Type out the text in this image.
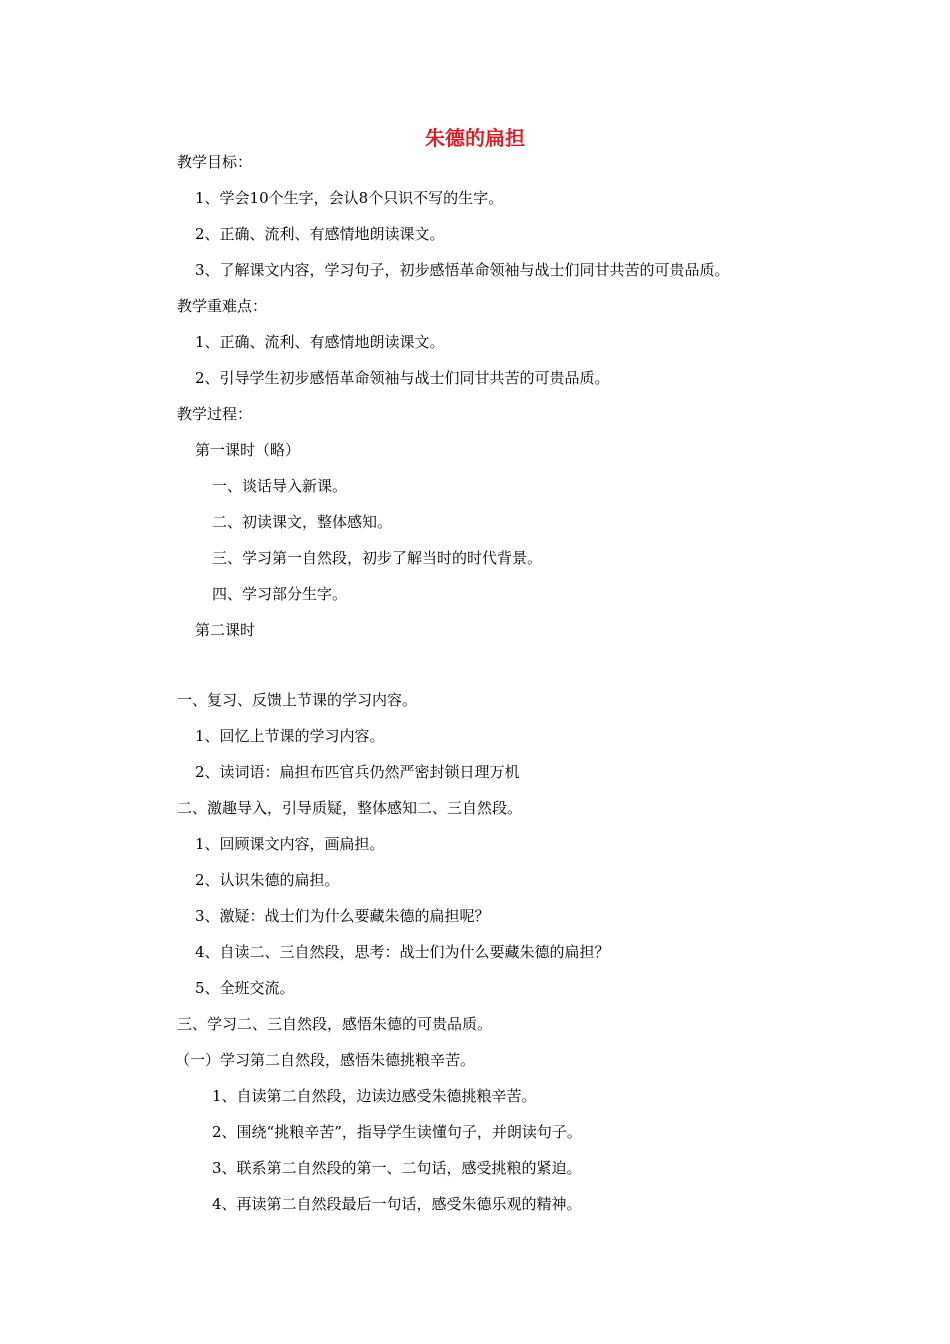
朱德的扁担
教学目标：
1、学会10个生字，会认8个只识不写的生字。
2、正确、流利、有感情地朗读课文。
3、了解课文内容，学习句子，初步感悟革命领袖与战士们同甘共苦的可贵品质。
教学重难点：
1、正确、流利、有感情地朗读课文。
2、引导学生初步感悟革命领袖与战士们同甘共苦的可贵品质。
教学过程：
第一课时（略）
一、谈话导入新课。
二、初读课文，整体感知。
三、学习第一自然段，初步了解当时的时代背景。
四、学习部分生字。
第二课时
一、复习、反馈上节课的学习内容。
1、回忆上节课的学习内容。
2、读词语：扁担布匹官兵仍然严密封锁日理万机
二、激趣导入，引导质疑，整体感知二、三自然段。
1、回顾课文内容，画扁担。
2、认识朱德的扁担。
3、激疑：战士们为什么要藏朱德的扁担呢？
4、自读二、三自然段，思考：战士们为什么要藏朱德的扁担？
5、全班交流。
三、学习二、三自然段，感悟朱德的可贵品质。
（一）学习第二自然段，感悟朱德挑粮辛苦。
1、自读第二自然段，边读边感受朱德挑粮辛苦。
2、围绕“挑粮辛苦”，指导学生读懂句子，并朗读句子。
3、联系第二自然段的第一、二句话，感受挑粮的紧迫。
4、再读第二自然段最后一句话，感受朱德乐观的精神。
